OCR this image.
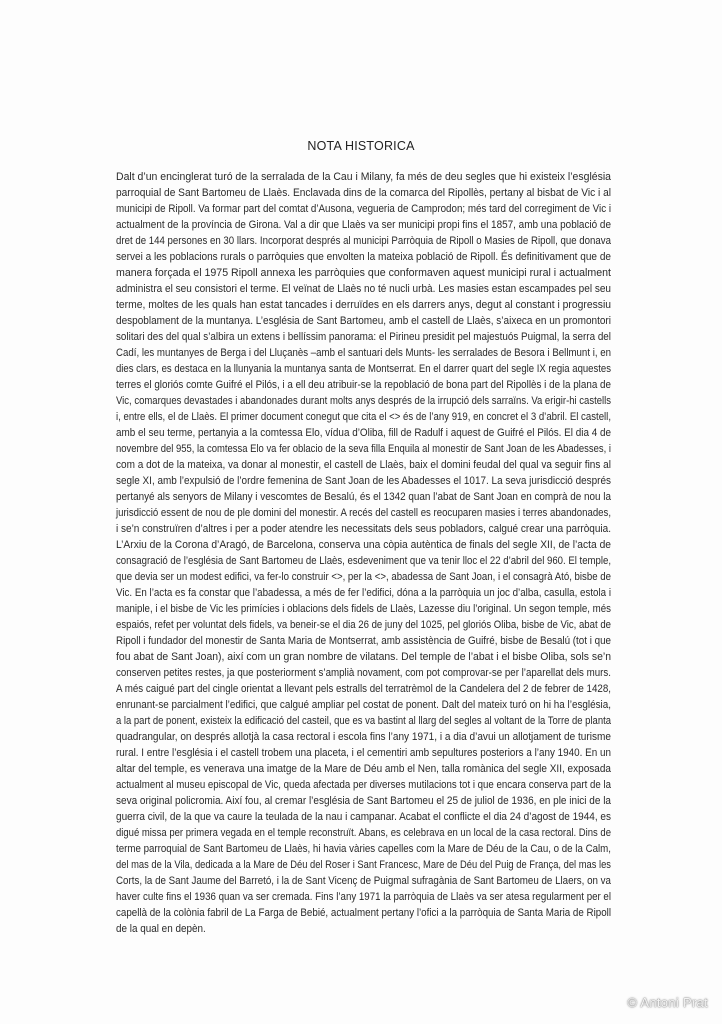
NOTA HISTORICA
Dalt d’un encinglerat turó de la serralada de la Cau i Milany, fa més de deu segles que hi existeix l’església
parroquial de Sant Bartomeu de Llaès. Enclavada dins de la comarca del Ripollès, pertany al bisbat de Vic i al
municipi de Ripoll. Va formar part del comtat d’Ausona, vegueria de Camprodon; més tard del corregiment de Vic i
actualment de la província de Girona. Val a dir que Llaès va ser municipi propi fins el 1857, amb una població de
dret de 144 persones en 30 llars. Incorporat després al municipi Parròquia de Ripoll o Masies de Ripoll, que donava
servei a les poblacions rurals o parròquies que envolten la mateixa població de Ripoll. És definitivament que de
manera forçada el 1975 Ripoll annexa les parròquies que conformaven aquest municipi rural i actualment
administra el seu consistori el terme. El veïnat de Llaès no té nucli urbà. Les masies estan escampades pel seu
terme, moltes de les quals han estat tancades i derruïdes en els darrers anys, degut al constant i progressiu
despoblament de la muntanya. L’església de Sant Bartomeu, amb el castell de Llaès, s’aixeca en un promontori
solitari des del qual s’albira un extens i bellíssim panorama: el Pirineu presidit pel majestuós Puigmal, la serra del
Cadí, les muntanyes de Berga i del Lluçanès –amb el santuari dels Munts- les serralades de Besora i Bellmunt i, en
dies clars, es destaca en la llunyania la muntanya santa de Montserrat. En el darrer quart del segle IX regia aquestes
terres el gloriós comte Guifré el Pilós, i a ell deu atribuir-se la repoblació de bona part del Ripollès i de la plana de
Vic, comarques devastades i abandonades durant molts anys després de la irrupció dels sarraïns. Va erigir-hi castells
i, entre ells, el de Llaès. El primer document conegut que cita el <> és de l’any 919, en concret el 3 d’abril. El castell,
amb el seu terme, pertanyia a la comtessa Elo, vídua d’Oliba, fill de Radulf i aquest de Guifré el Pilós. El dia 4 de
novembre del 955, la comtessa Elo va fer oblacio de la seva filla Enquila al monestir de Sant Joan de les Abadesses, i
com a dot de la mateixa, va donar al monestir, el castell de Llaès, baix el domini feudal del qual va seguir fins al
segle XI, amb l’expulsió de l’ordre femenina de Sant Joan de les Abadesses el 1017. La seva jurisdicció després
pertanyé als senyors de Milany i vescomtes de Besalú, és el 1342 quan l’abat de Sant Joan en comprà de nou la
jurisdicció essent de nou de ple domini del monestir. A recés del castell es reocuparen masies i terres abandonades,
i se’n construïren d’altres i per a poder atendre les necessitats dels seus pobladors, calgué crear una parròquia.
L’Arxiu de la Corona d’Aragó, de Barcelona, conserva una còpia autèntica de finals del segle XII, de l’acta de
consagració de l’església de Sant Bartomeu de Llaès, esdeveniment que va tenir lloc el 22 d’abril del 960. El temple,
que devia ser un modest edifici, va fer-lo construir <>, per la <>, abadessa de Sant Joan, i el consagrà Ató, bisbe de
Vic. En l’acta es fa constar que l’abadessa, a més de fer l’edifici, dóna a la parròquia un joc d’alba, casulla, estola i
maniple, i el bisbe de Vic les primícies i oblacions dels fidels de Llaès, Lazesse diu l’original. Un segon temple, més
espaiós, refet per voluntat dels fidels, va beneir-se el dia 26 de juny del 1025, pel gloriós Oliba, bisbe de Vic, abat de
Ripoll i fundador del monestir de Santa Maria de Montserrat, amb assistència de Guifré, bisbe de Besalú (tot i que
fou abat de Sant Joan), així com un gran nombre de vilatans. Del temple de l’abat i el bisbe Oliba, sols se’n
conserven petites restes, ja que posteriorment s’amplià novament, com pot comprovar-se per l’aparellat dels murs.
A més caigué part del cingle orientat a llevant pels estralls del terratrèmol de la Candelera del 2 de febrer de 1428,
enrunant-se parcialment l’edifici, que calgué ampliar pel costat de ponent. Dalt del mateix turó on hi ha l’església,
a la part de ponent, existeix la edificació del casteil, que es va bastint al llarg del segles al voltant de la Torre de planta
quadrangular, on després allotjà la casa rectoral i escola fins l’any 1971, i a dia d’avui un allotjament de turisme
rural. I entre l’església i el castell trobem una placeta, i el cementiri amb sepultures posteriors a l’any 1940. En un
altar del temple, es venerava una imatge de la Mare de Déu amb el Nen, talla romànica del segle XII, exposada
actualment al museu episcopal de Vic, queda afectada per diverses mutilacions tot i que encara conserva part de la
seva original policromia. Així fou, al cremar l’església de Sant Bartomeu el 25 de juliol de 1936, en ple inici de la
guerra civil, de la que va caure la teulada de la nau i campanar. Acabat el conflicte el dia 24 d’agost de 1944, es
digué missa per primera vegada en el temple reconstruït. Abans, es celebrava en un local de la casa rectoral. Dins de
terme parroquial de Sant Bartomeu de Llaès, hi havia vàries capelles com la Mare de Déu de la Cau, o de la Calm,
del mas de la Vila, dedicada a la Mare de Déu del Roser i Sant Francesc, Mare de Déu del Puig de França, del mas les
Corts, la de Sant Jaume del Barretó, i la de Sant Vicenç de Puigmal sufragània de Sant Bartomeu de Llaers, on va
haver culte fins el 1936 quan va ser cremada. Fins l’any 1971 la parròquia de Llaès va ser atesa regularment per el
capellà de la colònia fabril de La Farga de Bebié, actualment pertany l’ofici a la parròquia de Santa Maria de Ripoll
de la qual en depèn.
© Antoni Prat
